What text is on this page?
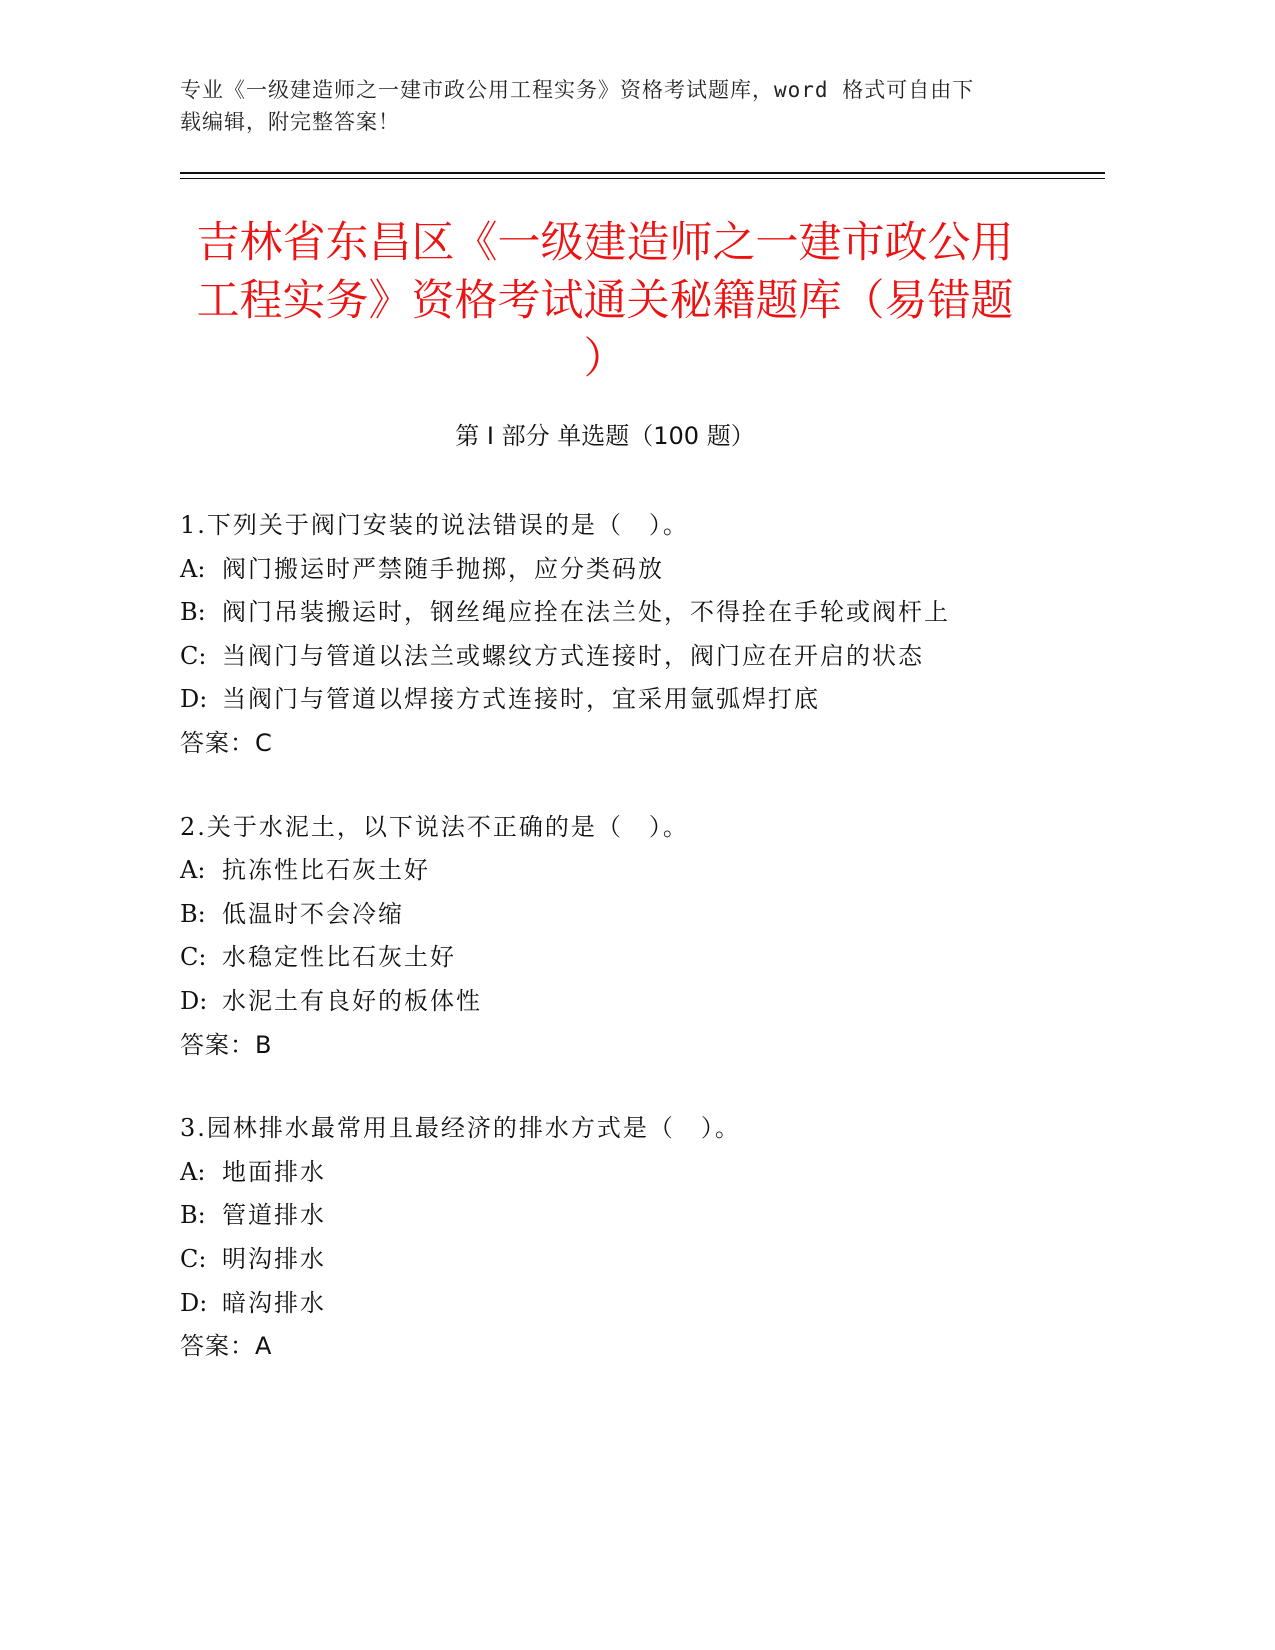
专业《一级建造师之一建市政公用工程实务》资格考试题库，word 格式可自由下
载编辑，附完整答案！
吉林省东昌区《一级建造师之一建市政公用
工程实务》资格考试通关秘籍题库（易错题
）
第 I 部分 单选题（100 题）
1.下列关于阀门安装的说法错误的是（　）。
A: 阀门搬运时严禁随手抛掷，应分类码放
B: 阀门吊装搬运时，钢丝绳应拴在法兰处，不得拴在手轮或阀杆上
C: 当阀门与管道以法兰或螺纹方式连接时，阀门应在开启的状态
D: 当阀门与管道以焊接方式连接时，宜采用氩弧焊打底
答案：C
2.关于水泥土，以下说法不正确的是（　）。
A: 抗冻性比石灰土好
B: 低温时不会冷缩
C: 水稳定性比石灰土好
D: 水泥土有良好的板体性
答案：B
3.园林排水最常用且最经济的排水方式是（　）。
A: 地面排水
B: 管道排水
C: 明沟排水
D: 暗沟排水
答案：A
